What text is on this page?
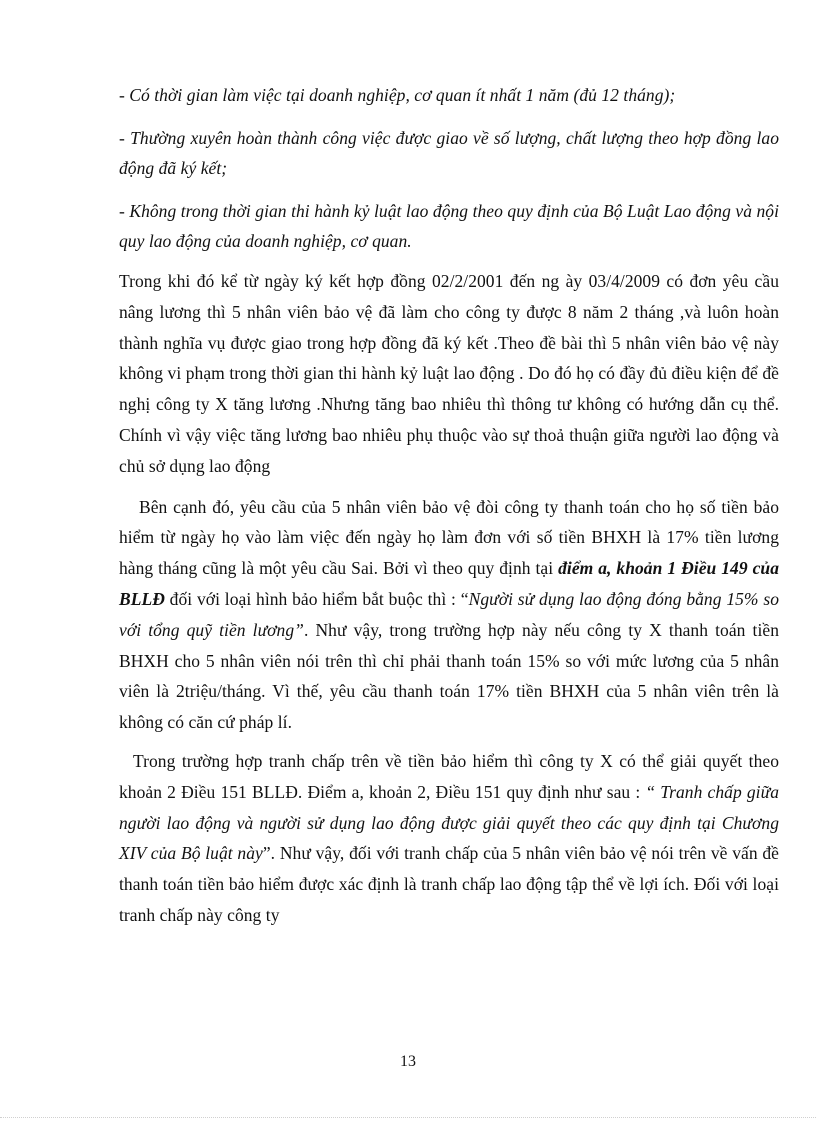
- Có thời gian làm việc tại doanh nghiệp, cơ quan ít nhất 1 năm (đủ 12 tháng);

- Thường xuyên hoàn thành công việc được giao về số lượng, chất lượng theo hợp đồng lao động đã ký kết;

- Không trong thời gian thi hành kỷ luật lao động theo quy định của Bộ Luật Lao động và nội quy lao động của doanh nghiệp, cơ quan.

Trong khi đó kể từ ngày ký kết hợp đồng 02/2/2001 đến ng ày 03/4/2009 có đơn yêu cầu nâng lương thì 5 nhân viên bảo vệ đã làm cho công ty được 8 năm 2 tháng ,và luôn hoàn thành nghĩa vụ được giao trong hợp đồng đã ký kết .Theo đề bài thì 5 nhân viên bảo vệ này không vi phạm trong thời gian thi hành kỷ luật lao động . Do đó họ có đầy đủ điều kiện để đề nghị công ty X tăng lương .Nhưng tăng bao nhiêu thì thông tư không có hướng dẫn cụ thể. Chính vì vậy việc tăng lương bao nhiêu phụ thuộc vào sự thoả thuận giữa người lao động và chủ sở dụng lao động

Bên cạnh đó, yêu cầu của 5 nhân viên bảo vệ đòi công ty thanh toán cho họ số tiền bảo hiểm từ ngày họ vào làm việc đến ngày họ làm đơn với số tiền BHXH là 17% tiền lương hàng tháng cũng là một yêu cầu Sai. Bởi vì theo quy định tại điểm a, khoản 1 Điều 149 của BLLĐ đối với loại hình bảo hiểm bắt buộc thì : “Người sử dụng lao động đóng bằng 15% so với tổng quỹ tiền lương”. Như vậy, trong trường hợp này nếu công ty X thanh toán tiền BHXH cho 5 nhân viên nói trên thì chỉ phải thanh toán 15% so với mức lương của 5 nhân viên là 2triệu/tháng. Vì thế, yêu cầu thanh toán 17% tiền BHXH của 5 nhân viên trên là không có căn cứ pháp lí.

Trong trường hợp tranh chấp trên về tiền bảo hiểm thì công ty X có thể giải quyết theo khoản 2 Điều 151 BLLĐ. Điểm a, khoản 2, Điều 151 quy định như sau : “ Tranh chấp giữa người lao động và người sử dụng lao động được giải quyết theo các quy định tại Chương XIV của Bộ luật này”. Như vậy, đối với tranh chấp của 5 nhân viên bảo vệ nói trên về vấn đề thanh toán tiền bảo hiểm được xác định là tranh chấp lao động tập thể về lợi ích. Đối với loại tranh chấp này công ty

13
